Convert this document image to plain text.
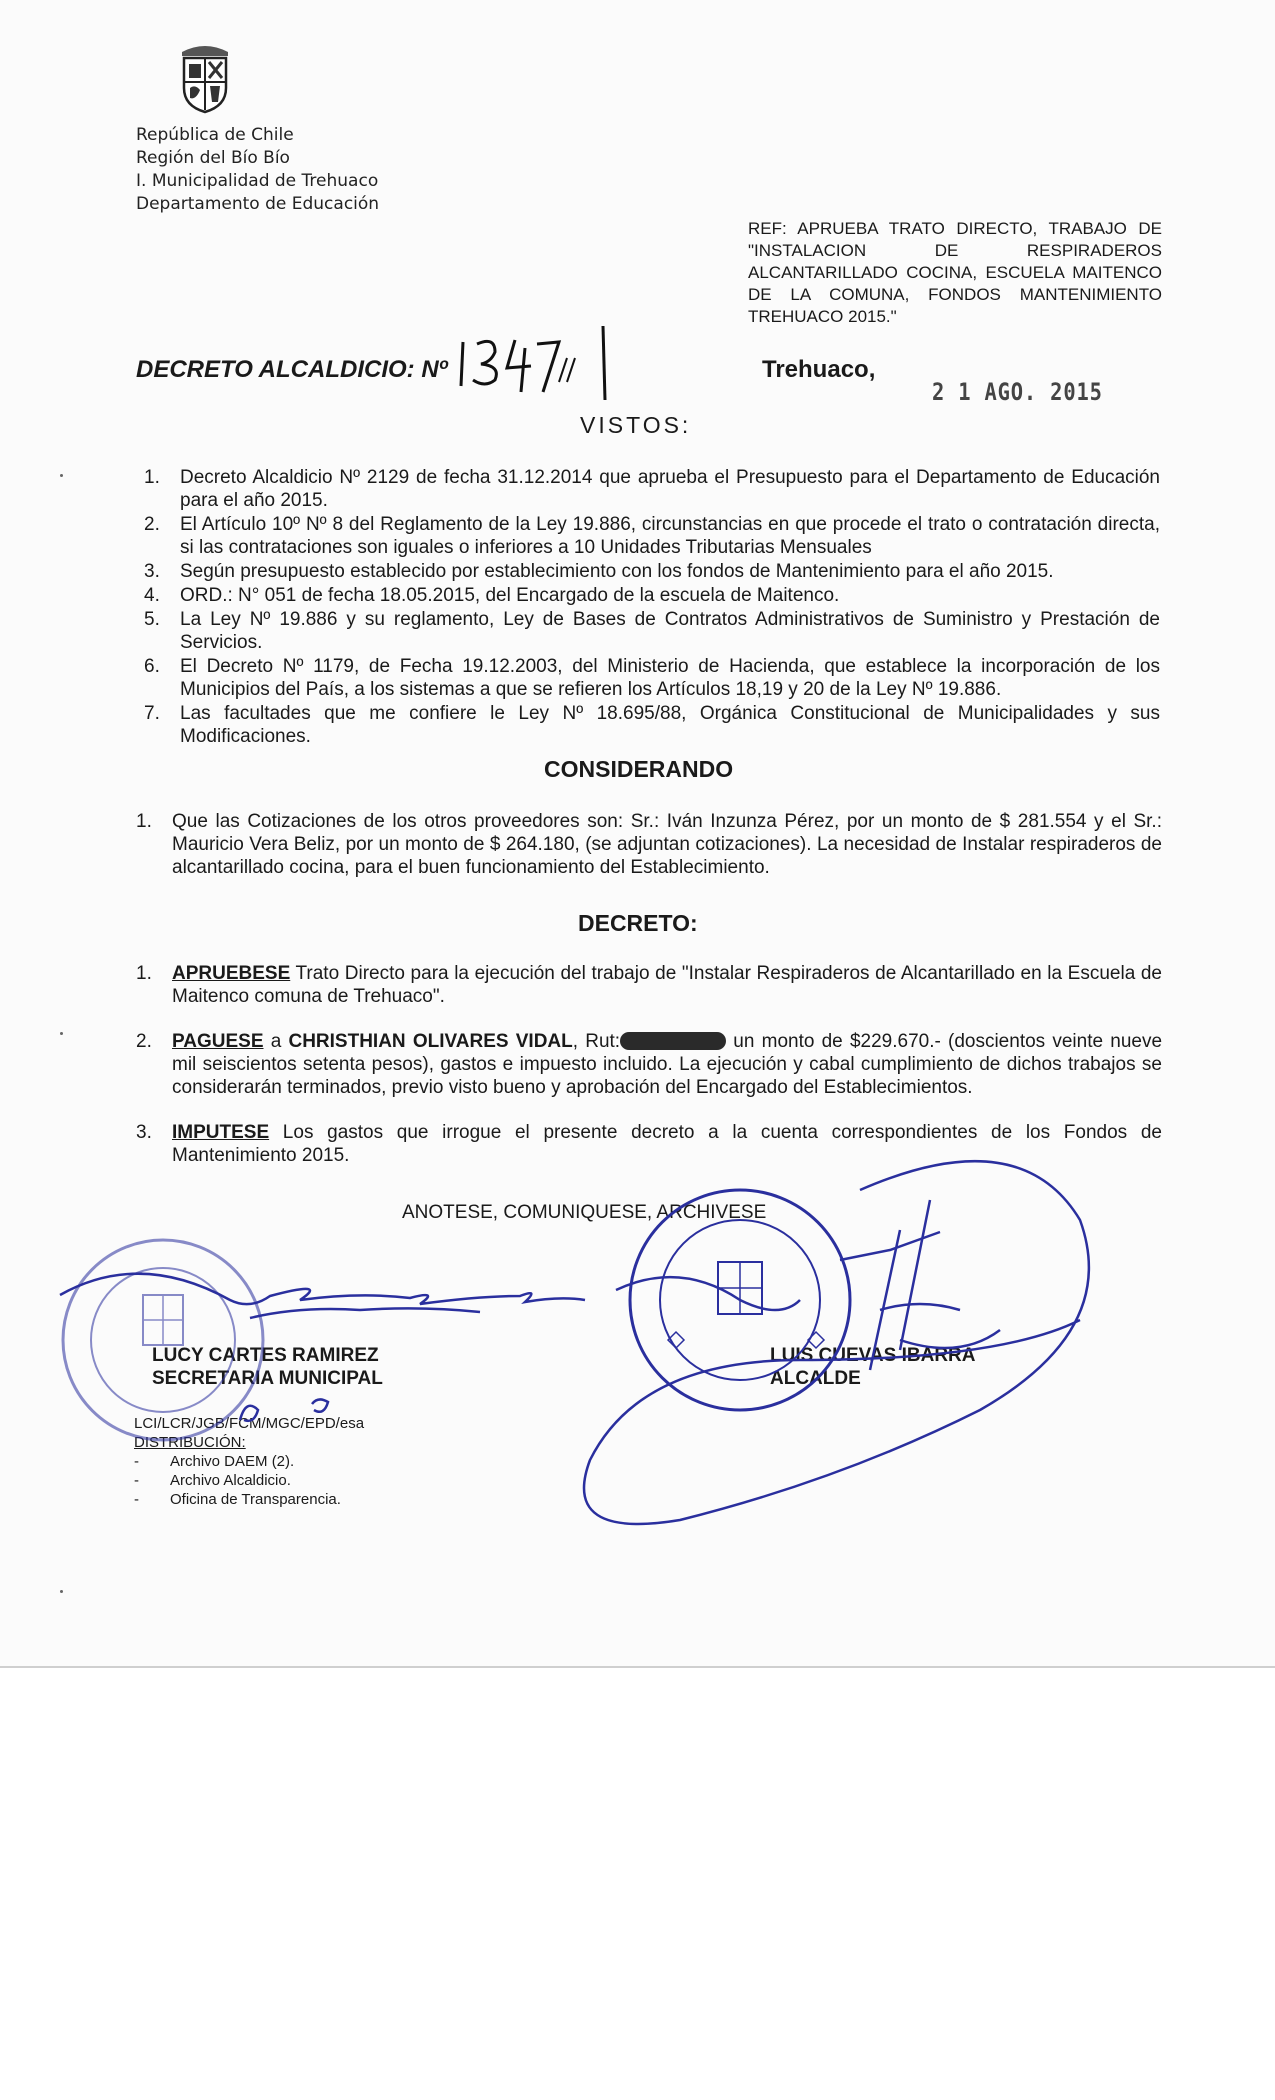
República de Chile
Región del Bío Bío
I. Municipalidad de Trehuaco
Departamento de Educación
REF: APRUEBA TRATO DIRECTO, TRABAJO DE "INSTALACION DE RESPIRADEROS ALCANTARILLADO COCINA, ESCUELA MAITENCO DE LA COMUNA, FONDOS MANTENIMIENTO TREHUACO 2015."
DECRETO ALCALDICIO: Nº	Trehuaco,
2 1 AGO. 2015
VISTOS:
1. Decreto Alcaldicio Nº 2129 de fecha 31.12.2014 que aprueba el Presupuesto para el Departamento de Educación para el año 2015.
2. El Artículo 10º Nº 8 del Reglamento de la Ley 19.886, circunstancias en que procede el trato o contratación directa, si las contrataciones son iguales o inferiores a 10 Unidades Tributarias Mensuales
3. Según presupuesto establecido por establecimiento con los fondos de Mantenimiento para el año 2015.
4. ORD.: N° 051 de fecha 18.05.2015, del Encargado de la escuela de Maitenco.
5. La Ley Nº 19.886 y su reglamento, Ley de Bases de Contratos Administrativos de Suministro y Prestación de Servicios.
6. El Decreto Nº 1179, de Fecha 19.12.2003, del Ministerio de Hacienda, que establece la incorporación de los Municipios del País, a los sistemas a que se refieren los Artículos 18,19 y 20 de la Ley Nº 19.886.
7. Las facultades que me confiere le Ley Nº 18.695/88, Orgánica Constitucional de Municipalidades y sus Modificaciones.
CONSIDERANDO
1. Que las Cotizaciones de los otros proveedores son: Sr.: Iván Inzunza Pérez, por un monto de $ 281.554 y el Sr.: Mauricio Vera Beliz, por un monto de $ 264.180, (se adjuntan cotizaciones). La necesidad de Instalar respiraderos de alcantarillado cocina, para el buen funcionamiento del Establecimiento.
DECRETO:
1. APRUEBESE Trato Directo para la ejecución del trabajo de "Instalar Respiraderos de Alcantarillado en la Escuela de Maitenco comuna de Trehuaco".
2. PAGUESE a CHRISTHIAN OLIVARES VIDAL, Rut:	un monto de $229.670.- (doscientos veinte nueve mil seiscientos setenta pesos), gastos e impuesto incluido. La ejecución y cabal cumplimiento de dichos trabajos se considerarán terminados, previo visto bueno y aprobación del Encargado del Establecimientos.
3. IMPUTESE Los gastos que irrogue el presente decreto a la cuenta correspondientes de los Fondos de Mantenimiento 2015.
ANOTESE, COMUNIQUESE, ARCHIVESE
LUCY CARTES RAMIREZ
SECRETARIA MUNICIPAL
LUIS CUEVAS IBARRA
ALCALDE
LCI/LCR/JGB/FCM/MGC/EPD/esa
DISTRIBUCIÓN:
- Archivo DAEM (2).
- Archivo Alcaldicio.
- Oficina de Transparencia.
